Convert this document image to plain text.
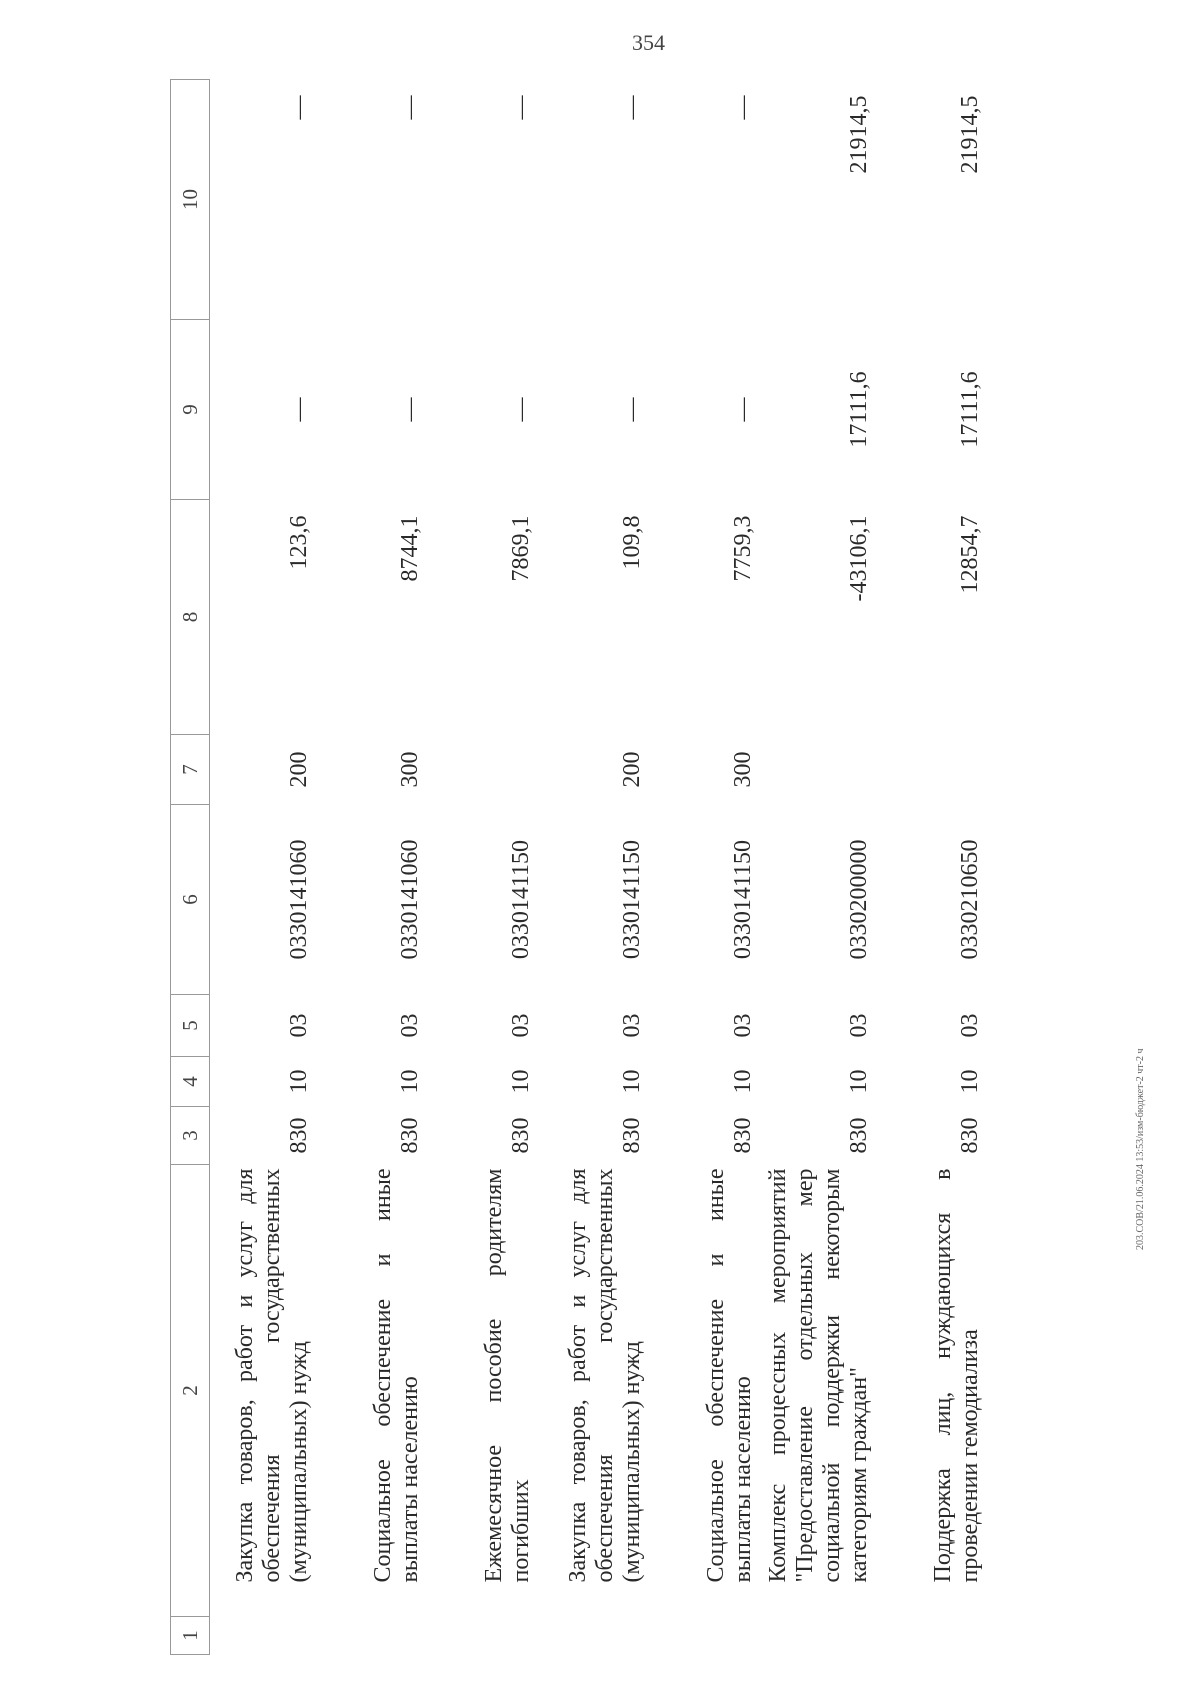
354
1	2	3	4	5	6	7	8	9	10
	Закупка товаров, работ и услуг для обеспечения государственных (муниципальных) нужд	830	10	03	0330141060	200	123,6	—	—
	Социальное обеспечение и иные выплаты населению	830	10	03	0330141060	300	8744,1	—	—
	Ежемесячное пособие родителям погибших	830	10	03	0330141150		7869,1	—	—
	Закупка товаров, работ и услуг для обеспечения государственных (муниципальных) нужд	830	10	03	0330141150	200	109,8	—	—
	Социальное обеспечение и иные выплаты населению	830	10	03	0330141150	300	7759,3	—	—
	Комплекс процессных мероприятий "Предоставление отдельных мер социальной поддержки некоторым категориям граждан"	830	10	03	0330200000		-43106,1	17111,6	21914,5
	Поддержка лиц, нуждающихся в проведении гемодиализа	830	10	03	0330210650		12854,7	17111,6	21914,5
203.СОВ/21.06.2024 13:53/изм-бюджет-2 чт-2 ч
